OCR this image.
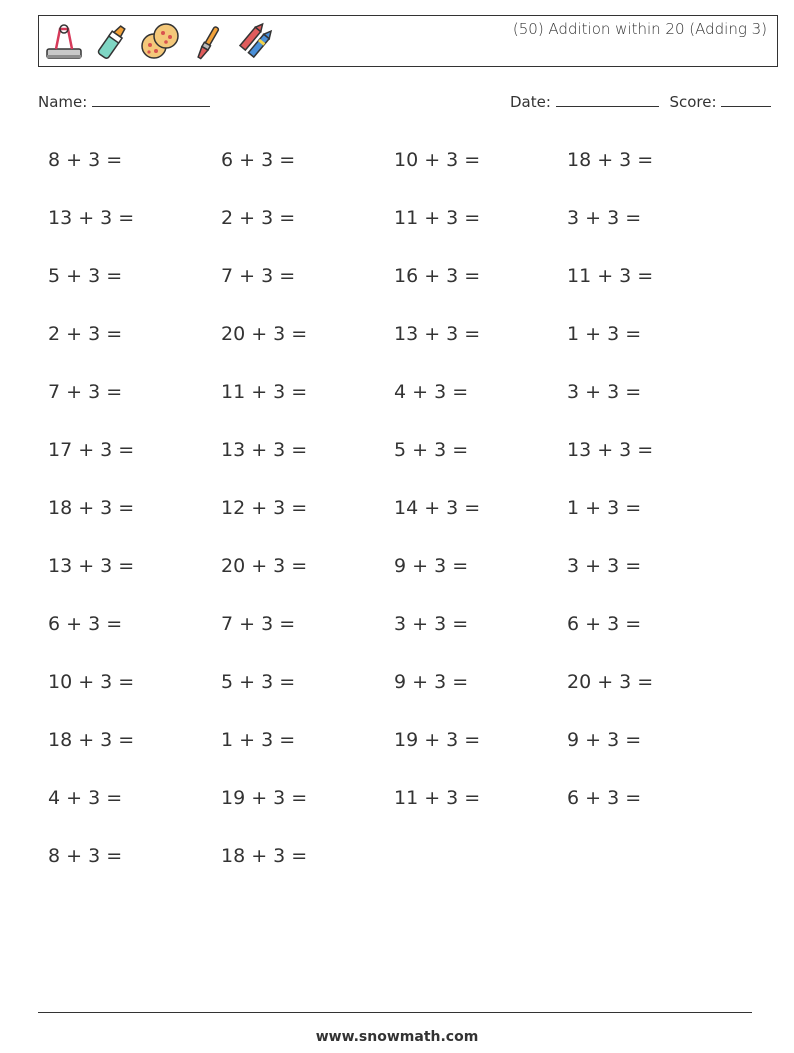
(50) Addition within 20 (Adding 3)
Name:	Date:	Score:
8 + 3 =	6 + 3 =	10 + 3 =	18 + 3 =
13 + 3 =	2 + 3 =	11 + 3 =	3 + 3 =
5 + 3 =	7 + 3 =	16 + 3 =	11 + 3 =
2 + 3 =	20 + 3 =	13 + 3 =	1 + 3 =
7 + 3 =	11 + 3 =	4 + 3 =	3 + 3 =
17 + 3 =	13 + 3 =	5 + 3 =	13 + 3 =
18 + 3 =	12 + 3 =	14 + 3 =	1 + 3 =
13 + 3 =	20 + 3 =	9 + 3 =	3 + 3 =
6 + 3 =	7 + 3 =	3 + 3 =	6 + 3 =
10 + 3 =	5 + 3 =	9 + 3 =	20 + 3 =
18 + 3 =	1 + 3 =	19 + 3 =	9 + 3 =
4 + 3 =	19 + 3 =	11 + 3 =	6 + 3 =
8 + 3 =	18 + 3 =
www.snowmath.com
